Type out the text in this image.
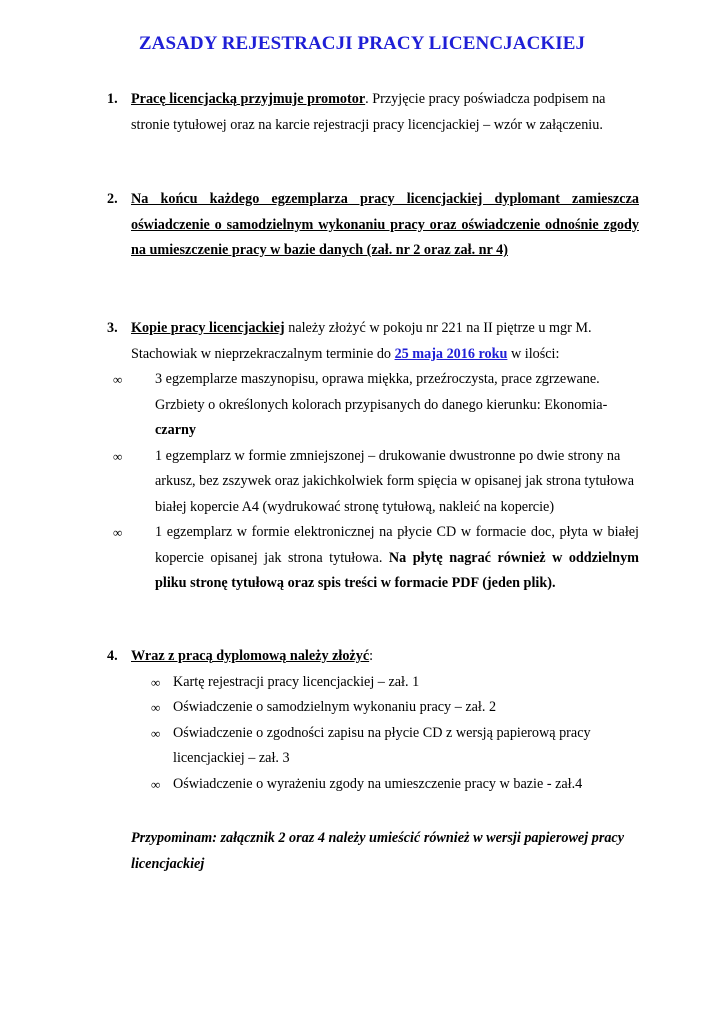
ZASADY REJESTRACJI PRACY LICENCJACKIEJ
1. Pracę licencjacką przyjmuje promotor. Przyjęcie pracy poświadcza podpisem na stronie tytułowej oraz na karcie rejestracji pracy licencjackiej – wzór w załączeniu.
2. Na końcu każdego egzemplarza pracy licencjackiej dyplomant zamieszcza oświadczenie o samodzielnym wykonaniu pracy oraz oświadczenie odnośnie zgody na umieszczenie pracy w bazie danych (zał. nr 2 oraz zał. nr 4)
3. Kopie pracy licencjackiej należy złożyć w pokoju nr 221 na II piętrze u mgr M. Stachowiak w nieprzekraczalnym terminie do 25 maja 2016 roku w ilości:
∞ 3 egzemplarze maszynopisu, oprawa miękka, przeźroczysta, prace zgrzewane. Grzbiety o określonych kolorach przypisanych do danego kierunku: Ekonomia-
czarny
∞ 1 egzemplarz w formie zmniejszonej – drukowanie dwustronne po dwie strony na arkusz, bez zszywek oraz jakichkolwiek form spięcia w opisanej jak strona tytułowa białej kopercie A4 (wydrukować stronę tytułową, nakleić na kopercie)
∞ 1 egzemplarz w formie elektronicznej na płycie CD w formacie doc, płyta w białej kopercie opisanej jak strona tytułowa. Na płytę nagrać również w oddzielnym pliku stronę tytułową oraz spis treści w formacie PDF (jeden plik).
4. Wraz z pracą dyplomową należy złożyć:
∞ Kartę rejestracji pracy licencjackiej – zał. 1
∞ Oświadczenie o samodzielnym wykonaniu pracy – zał. 2
∞ Oświadczenie o zgodności zapisu na płycie CD z wersją papierową pracy licencjackiej – zał. 3
∞ Oświadczenie o wyrażeniu zgody na umieszczenie pracy w bazie - zał.4
Przypominam: załącznik 2 oraz 4 należy umieścić również w wersji papierowej pracy licencjackiej
